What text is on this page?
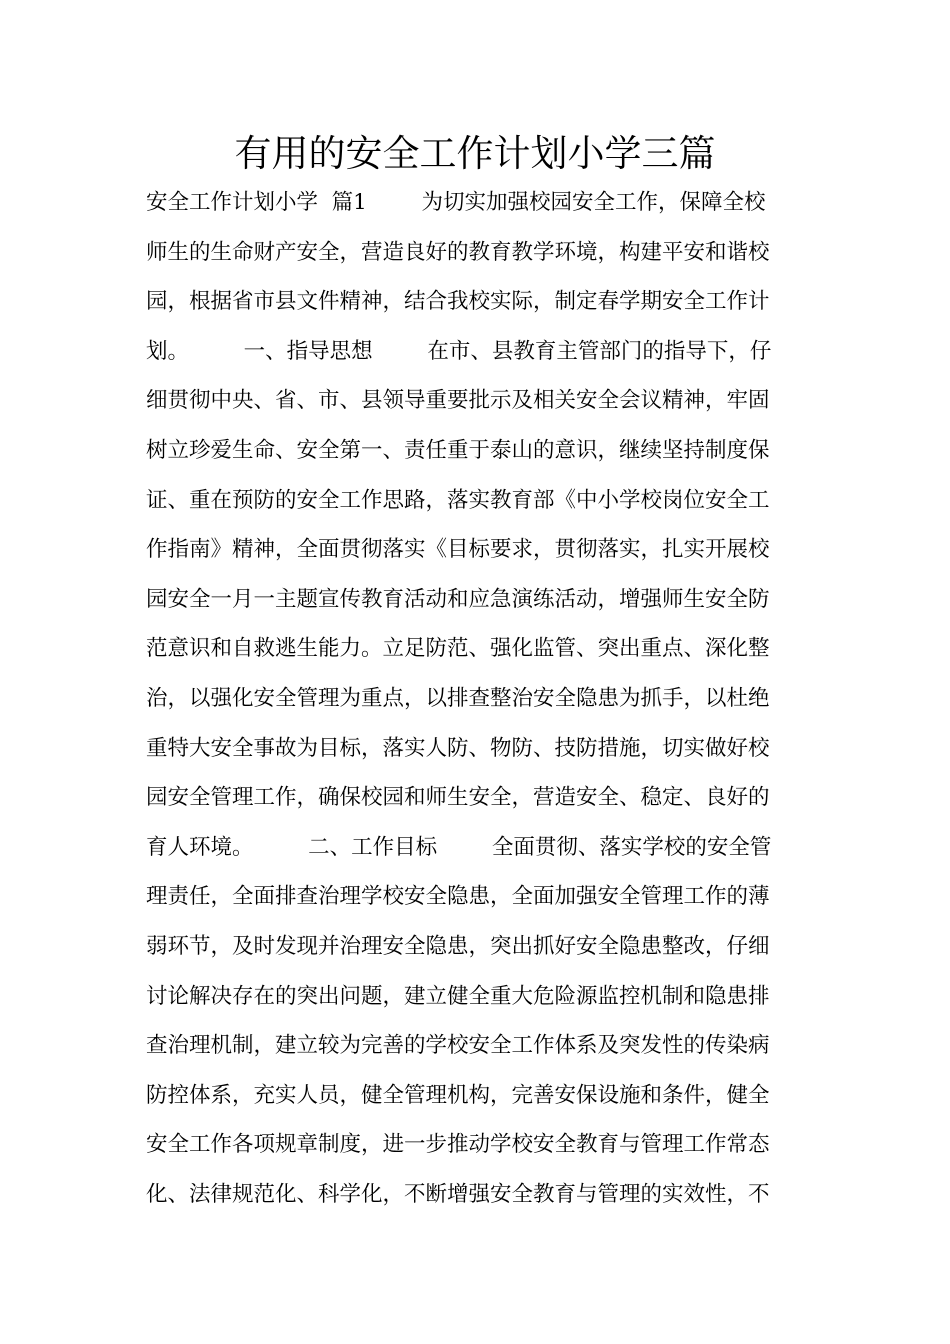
有用的安全工作计划小学三篇
安全工作计划小学  篇1        为切实加强校园安全工作，保障全校
师生的生命财产安全，营造良好的教育教学环境，构建平安和谐校
园，根据省市县文件精神，结合我校实际，制定春学期安全工作计
划。        一、指导思想        在市、县教育主管部门的指导下，仔
细贯彻中央、省、市、县领导重要批示及相关安全会议精神，牢固
树立珍爱生命、安全第一、责任重于泰山的意识，继续坚持制度保
证、重在预防的安全工作思路，落实教育部《中小学校岗位安全工
作指南》精神，全面贯彻落实《目标要求，贯彻落实，扎实开展校
园安全一月一主题宣传教育活动和应急演练活动，增强师生安全防
范意识和自救逃生能力。立足防范、强化监管、突出重点、深化整
治，以强化安全管理为重点，以排查整治安全隐患为抓手，以杜绝
重特大安全事故为目标，落实人防、物防、技防措施，切实做好校
园安全管理工作，确保校园和师生安全，营造安全、稳定、良好的
育人环境。        二、工作目标        全面贯彻、落实学校的安全管
理责任，全面排查治理学校安全隐患，全面加强安全管理工作的薄
弱环节，及时发现并治理安全隐患，突出抓好安全隐患整改，仔细
讨论解决存在的突出问题，建立健全重大危险源监控机制和隐患排
查治理机制，建立较为完善的学校安全工作体系及突发性的传染病
防控体系，充实人员，健全管理机构，完善安保设施和条件，健全
安全工作各项规章制度，进一步推动学校安全教育与管理工作常态
化、法律规范化、科学化，不断增强安全教育与管理的实效性，不
